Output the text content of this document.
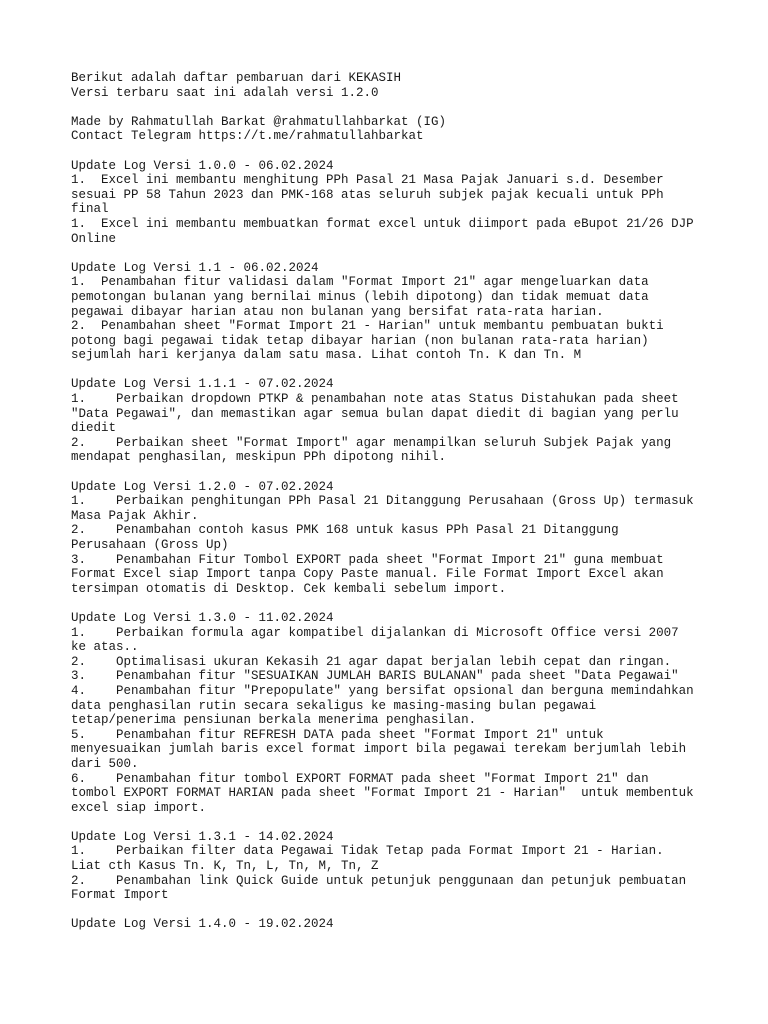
Berikut adalah daftar pembaruan dari KEKASIH
Versi terbaru saat ini adalah versi 1.2.0
Made by Rahmatullah Barkat @rahmatullahbarkat (IG)
Contact Telegram https://t.me/rahmatullahbarkat
Update Log Versi 1.0.0 - 06.02.2024
1.  Excel ini membantu menghitung PPh Pasal 21 Masa Pajak Januari s.d. Desember
sesuai PP 58 Tahun 2023 dan PMK-168 atas seluruh subjek pajak kecuali untuk PPh
final
1.  Excel ini membantu membuatkan format excel untuk diimport pada eBupot 21/26 DJP
Online
Update Log Versi 1.1 - 06.02.2024
1.  Penambahan fitur validasi dalam "Format Import 21" agar mengeluarkan data
pemotongan bulanan yang bernilai minus (lebih dipotong) dan tidak memuat data
pegawai dibayar harian atau non bulanan yang bersifat rata-rata harian.
2.  Penambahan sheet "Format Import 21 - Harian" untuk membantu pembuatan bukti
potong bagi pegawai tidak tetap dibayar harian (non bulanan rata-rata harian)
sejumlah hari kerjanya dalam satu masa. Lihat contoh Tn. K dan Tn. M
Update Log Versi 1.1.1 - 07.02.2024
1.    Perbaikan dropdown PTKP & penambahan note atas Status Distahukan pada sheet
"Data Pegawai", dan memastikan agar semua bulan dapat diedit di bagian yang perlu
diedit
2.    Perbaikan sheet "Format Import" agar menampilkan seluruh Subjek Pajak yang
mendapat penghasilan, meskipun PPh dipotong nihil.
Update Log Versi 1.2.0 - 07.02.2024
1.    Perbaikan penghitungan PPh Pasal 21 Ditanggung Perusahaan (Gross Up) termasuk
Masa Pajak Akhir.
2.    Penambahan contoh kasus PMK 168 untuk kasus PPh Pasal 21 Ditanggung
Perusahaan (Gross Up)
3.    Penambahan Fitur Tombol EXPORT pada sheet "Format Import 21" guna membuat
Format Excel siap Import tanpa Copy Paste manual. File Format Import Excel akan
tersimpan otomatis di Desktop. Cek kembali sebelum import.
Update Log Versi 1.3.0 - 11.02.2024
1.    Perbaikan formula agar kompatibel dijalankan di Microsoft Office versi 2007
ke atas..
2.    Optimalisasi ukuran Kekasih 21 agar dapat berjalan lebih cepat dan ringan.
3.    Penambahan fitur "SESUAIKAN JUMLAH BARIS BULANAN" pada sheet "Data Pegawai"
4.    Penambahan fitur "Prepopulate" yang bersifat opsional dan berguna memindahkan
data penghasilan rutin secara sekaligus ke masing-masing bulan pegawai
tetap/penerima pensiunan berkala menerima penghasilan.
5.    Penambahan fitur REFRESH DATA pada sheet "Format Import 21" untuk
menyesuaikan jumlah baris excel format import bila pegawai terekam berjumlah lebih
dari 500.
6.    Penambahan fitur tombol EXPORT FORMAT pada sheet "Format Import 21" dan
tombol EXPORT FORMAT HARIAN pada sheet "Format Import 21 - Harian"  untuk membentuk
excel siap import.
Update Log Versi 1.3.1 - 14.02.2024
1.    Perbaikan filter data Pegawai Tidak Tetap pada Format Import 21 - Harian.
Liat cth Kasus Tn. K, Tn, L, Tn, M, Tn, Z
2.    Penambahan link Quick Guide untuk petunjuk penggunaan dan petunjuk pembuatan
Format Import
Update Log Versi 1.4.0 - 19.02.2024
